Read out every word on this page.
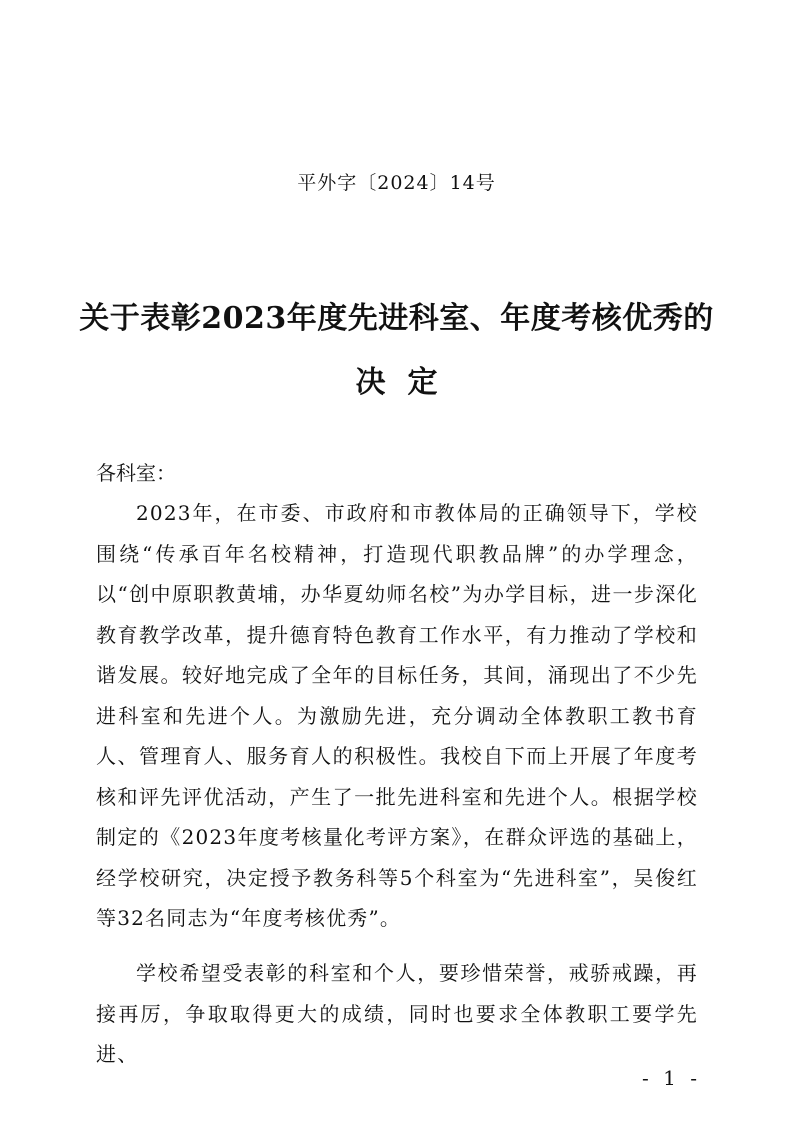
平外字〔2024〕14号
关于表彰2023年度先进科室、年度考核优秀的
决定
各科室：
2023年，在市委、市政府和市教体局的正确领导下，学校围绕“传承百年名校精神，打造现代职教品牌”的办学理念，以“创中原职教黄埔，办华夏幼师名校”为办学目标，进一步深化教育教学改革，提升德育特色教育工作水平，有力推动了学校和谐发展。较好地完成了全年的目标任务，其间，涌现出了不少先进科室和先进个人。为激励先进，充分调动全体教职工教书育人、管理育人、服务育人的积极性。我校自下而上开展了年度考核和评先评优活动，产生了一批先进科室和先进个人。根据学校制定的《2023年度考核量化考评方案》，在群众评选的基础上，经学校研究，决定授予教务科等5个科室为“先进科室”，吴俊红等32名同志为“年度考核优秀”。
学校希望受表彰的科室和个人，要珍惜荣誉，戒骄戒躁，再接再厉，争取取得更大的成绩，同时也要求全体教职工要学先进、
- 1 -
